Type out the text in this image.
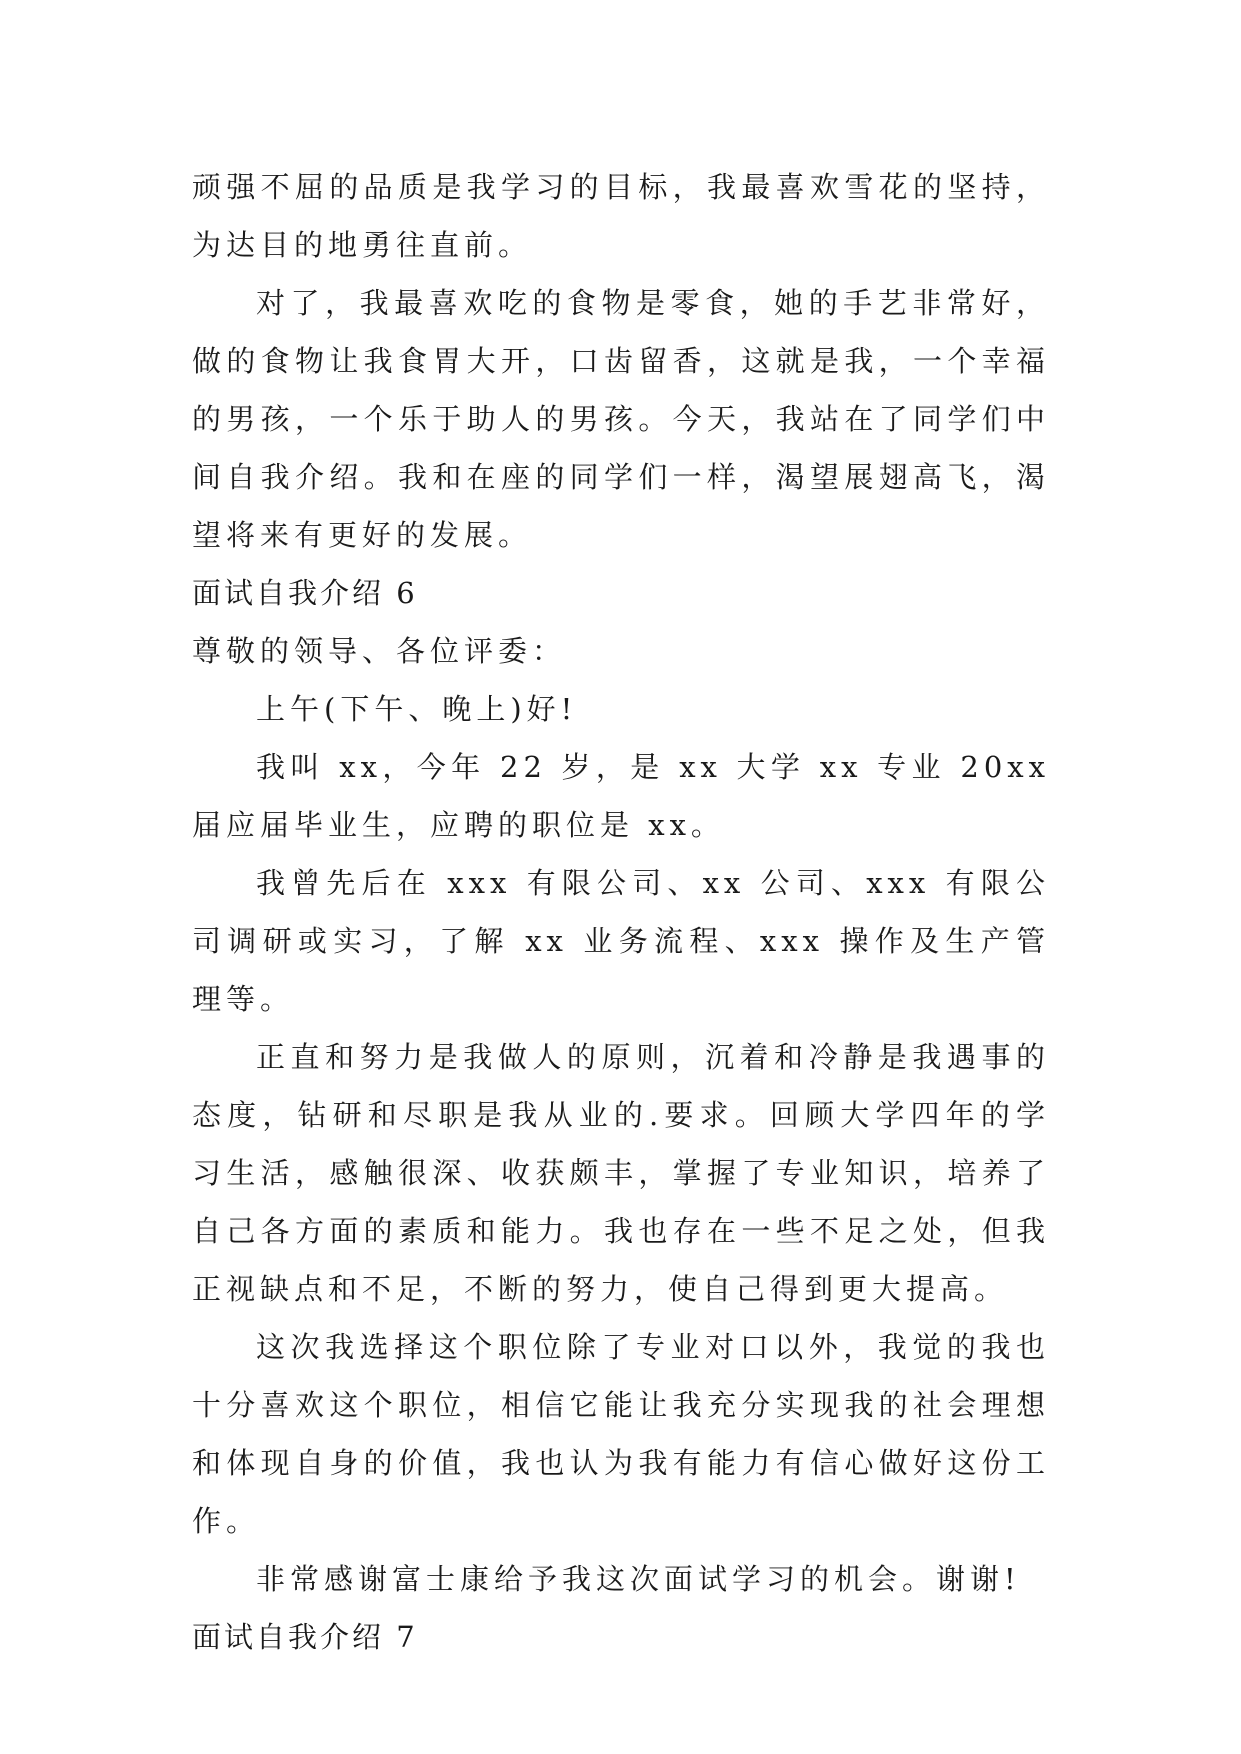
顽强不屈的品质是我学习的目标，我最喜欢雪花的坚持，为达目的地勇往直前。

对了，我最喜欢吃的食物是零食，她的手艺非常好，做的食物让我食胃大开，口齿留香，这就是我，一个幸福的男孩，一个乐于助人的男孩。今天，我站在了同学们中间自我介绍。我和在座的同学们一样，渴望展翅高飞，渴望将来有更好的发展。

面试自我介绍 6

尊敬的领导、各位评委：

上午(下午、晚上)好!

我叫 xx，今年 22 岁，是 xx 大学 xx 专业 20xx 届应届毕业生，应聘的职位是 xx。

我曾先后在 xxx 有限公司、xx 公司、xxx 有限公司调研或实习，了解 xx 业务流程、xxx 操作及生产管理等。

正直和努力是我做人的原则，沉着和冷静是我遇事的态度，钻研和尽职是我从业的.要求。回顾大学四年的学习生活，感触很深、收获颇丰，掌握了专业知识，培养了自己各方面的素质和能力。我也存在一些不足之处，但我正视缺点和不足，不断的努力，使自己得到更大提高。

这次我选择这个职位除了专业对口以外，我觉的我也十分喜欢这个职位，相信它能让我充分实现我的社会理想和体现自身的价值，我也认为我有能力有信心做好这份工作。

非常感谢富士康给予我这次面试学习的机会。谢谢!

面试自我介绍 7
